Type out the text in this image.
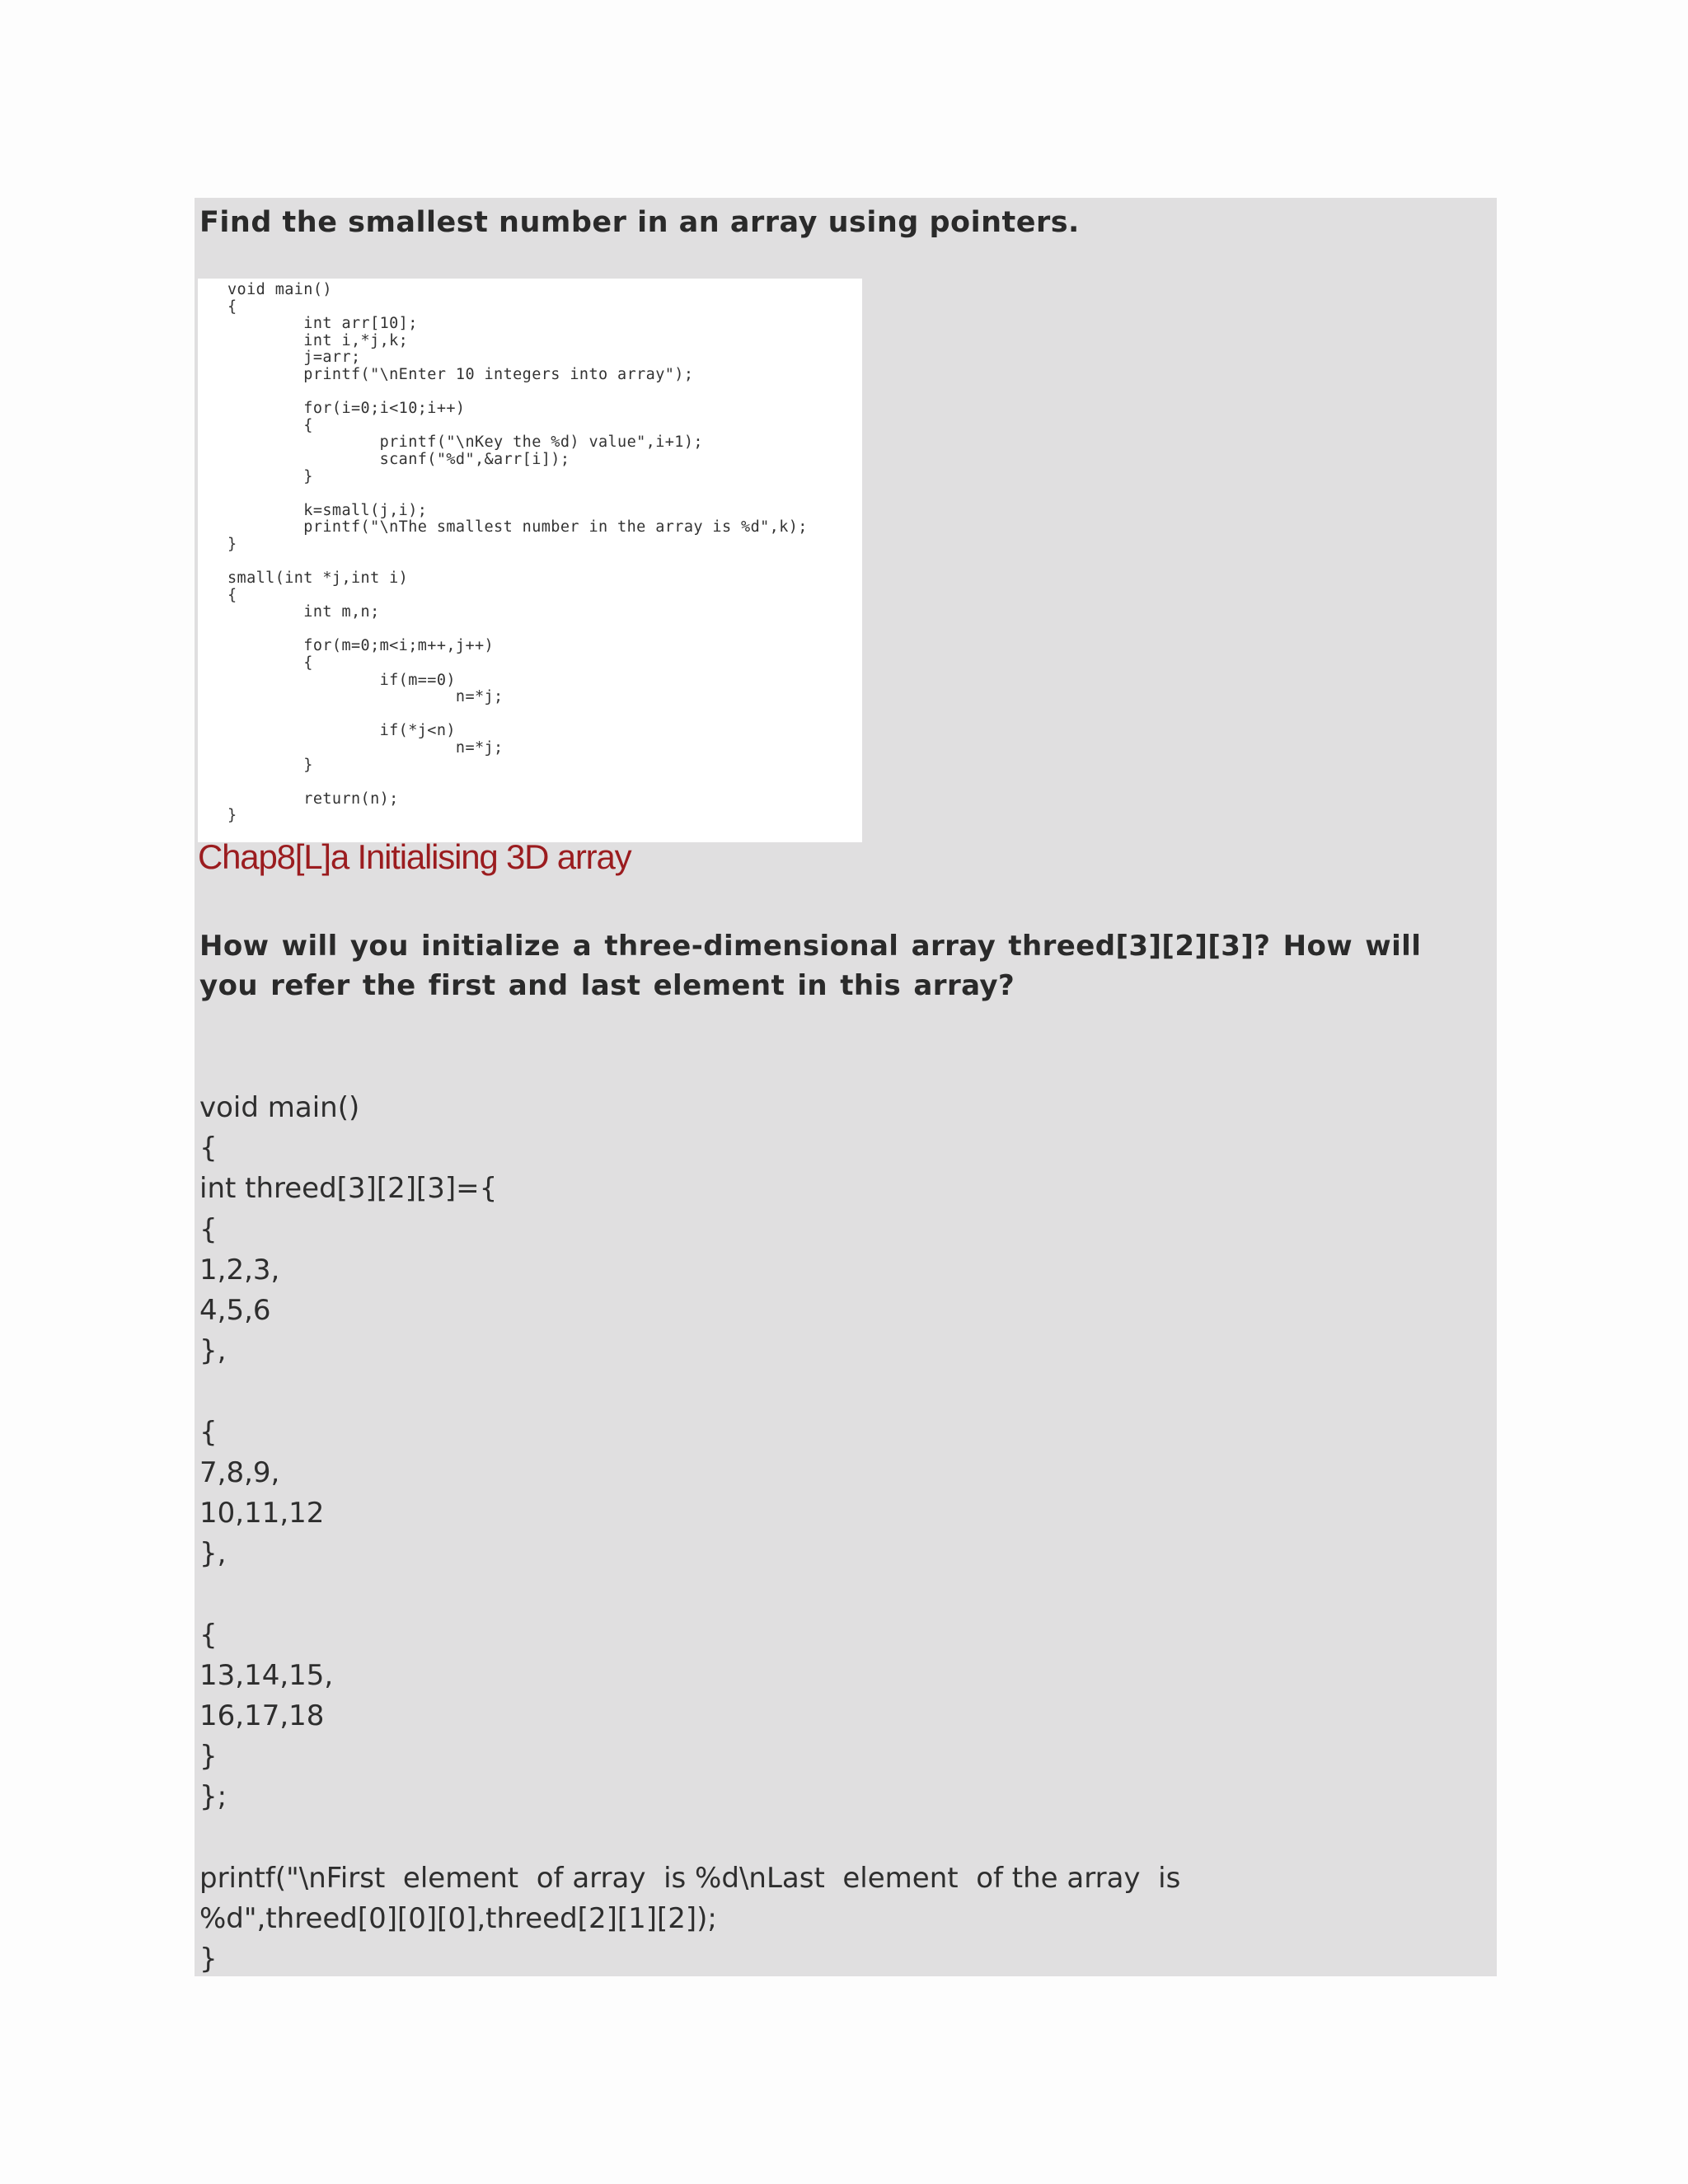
Find the smallest number in an array using pointers.

void main()
{
int arr[10];
int i,*j,k;
j=arr;
printf("\nEnter 10 integers into array");

for(i=0;i<10;i++)
{
printf("\nKey the %d) value",i+1);
scanf("%d",&arr[i]);
}

k=small(j,i);
printf("\nThe smallest number in the array is %d",k);
}

small(int *j,int i)
{
int m,n;

for(m=0;m<i;m++,j++)
{
if(m==0)
n=*j;

if(*j<n)
n=*j;
}

return(n);
}
Chap8[L]a Initialising 3D array

How will you initialize a three-dimensional array threed[3][2][3]? How will you refer the first and last element in this array?

void main()
{
int threed[3][2][3]={
{
1,2,3,
4,5,6
},

{
7,8,9,
10,11,12
},

{
13,14,15,
16,17,18
}
};

printf("\nFirst  element  of array  is %d\nLast  element  of the array  is
%d",threed[0][0][0],threed[2][1][2]);
}
